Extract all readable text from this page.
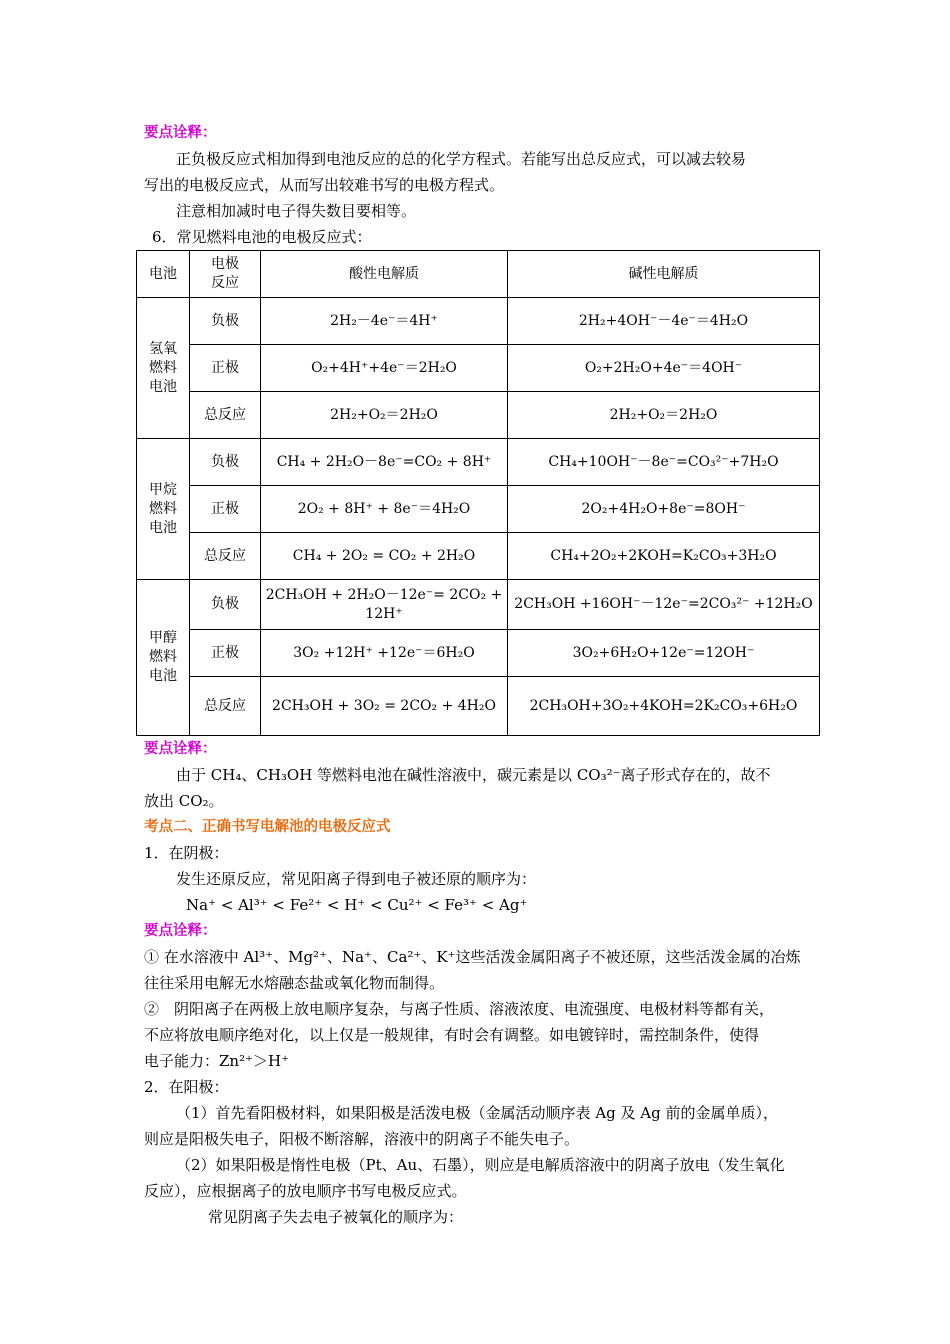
要点诠释：
正负极反应式相加得到电池反应的总的化学方程式。若能写出总反应式，可以减去较易
写出的电极反应式，从而写出较难书写的电极方程式。
注意相加减时电子得失数目要相等。
6．常见燃料电池的电极反应式：
电池	电极反应	酸性电解质	碱性电解质

氢氧燃料电池	负极	2H₂－4e⁻＝4H⁺	2H₂+4OH⁻－4e⁻＝4H₂O
	正极	O₂+4H⁺+4e⁻＝2H₂O	O₂+2H₂O+4e⁻＝4OH⁻
	总反应	2H₂+O₂＝2H₂O	2H₂+O₂＝2H₂O

甲烷燃料电池	负极	CH₄ + 2H₂O－8e⁻=CO₂ + 8H⁺	CH₄+10OH⁻－8e⁻=CO₃²⁻+7H₂O
	正极	2O₂ + 8H⁺ + 8e⁻＝4H₂O	2O₂+4H₂O+8e⁻=8OH⁻
	总反应	CH₄ + 2O₂ = CO₂ + 2H₂O	CH₄+2O₂+2KOH=K₂CO₃+3H₂O

甲醇燃料电池	负极	2CH₃OH + 2H₂O－12e⁻= 2CO₂ + 12H⁺	2CH₃OH +16OH⁻－12e⁻=2CO₃²⁻ +12H₂O
	正极	3O₂ +12H⁺ +12e⁻＝6H₂O	3O₂+6H₂O+12e⁻=12OH⁻
	总反应	2CH₃OH + 3O₂ = 2CO₂ + 4H₂O	2CH₃OH+3O₂+4KOH=2K₂CO₃+6H₂O
要点诠释：
由于 CH₄、CH₃OH 等燃料电池在碱性溶液中，碳元素是以 CO₃²⁻离子形式存在的，故不
放出 CO₂。
考点二、正确书写电解池的电极反应式
1．在阴极：
发生还原反应，常见阳离子得到电子被还原的顺序为：
Na⁺ < Al³⁺ < Fe²⁺ < H⁺ < Cu²⁺ < Fe³⁺ < Ag⁺
要点诠释：
① 在水溶液中 Al³⁺、Mg²⁺、Na⁺、Ca²⁺、K⁺这些活泼金属阳离子不被还原，这些活泼金属的冶炼
往往采用电解无水熔融态盐或氧化物而制得。
②　阴阳离子在两极上放电顺序复杂，与离子性质、溶液浓度、电流强度、电极材料等都有关，
不应将放电顺序绝对化，以上仅是一般规律，有时会有调整。如电镀锌时，需控制条件，使得
电子能力：Zn²⁺＞H⁺
2．在阳极：
（1）首先看阳极材料，如果阳极是活泼电极（金属活动顺序表 Ag 及 Ag 前的金属单质），
则应是阳极失电子，阳极不断溶解，溶液中的阴离子不能失电子。
（2）如果阳极是惰性电极（Pt、Au、石墨），则应是电解质溶液中的阴离子放电（发生氧化
反应），应根据离子的放电顺序书写电极反应式。
常见阴离子失去电子被氧化的顺序为：
